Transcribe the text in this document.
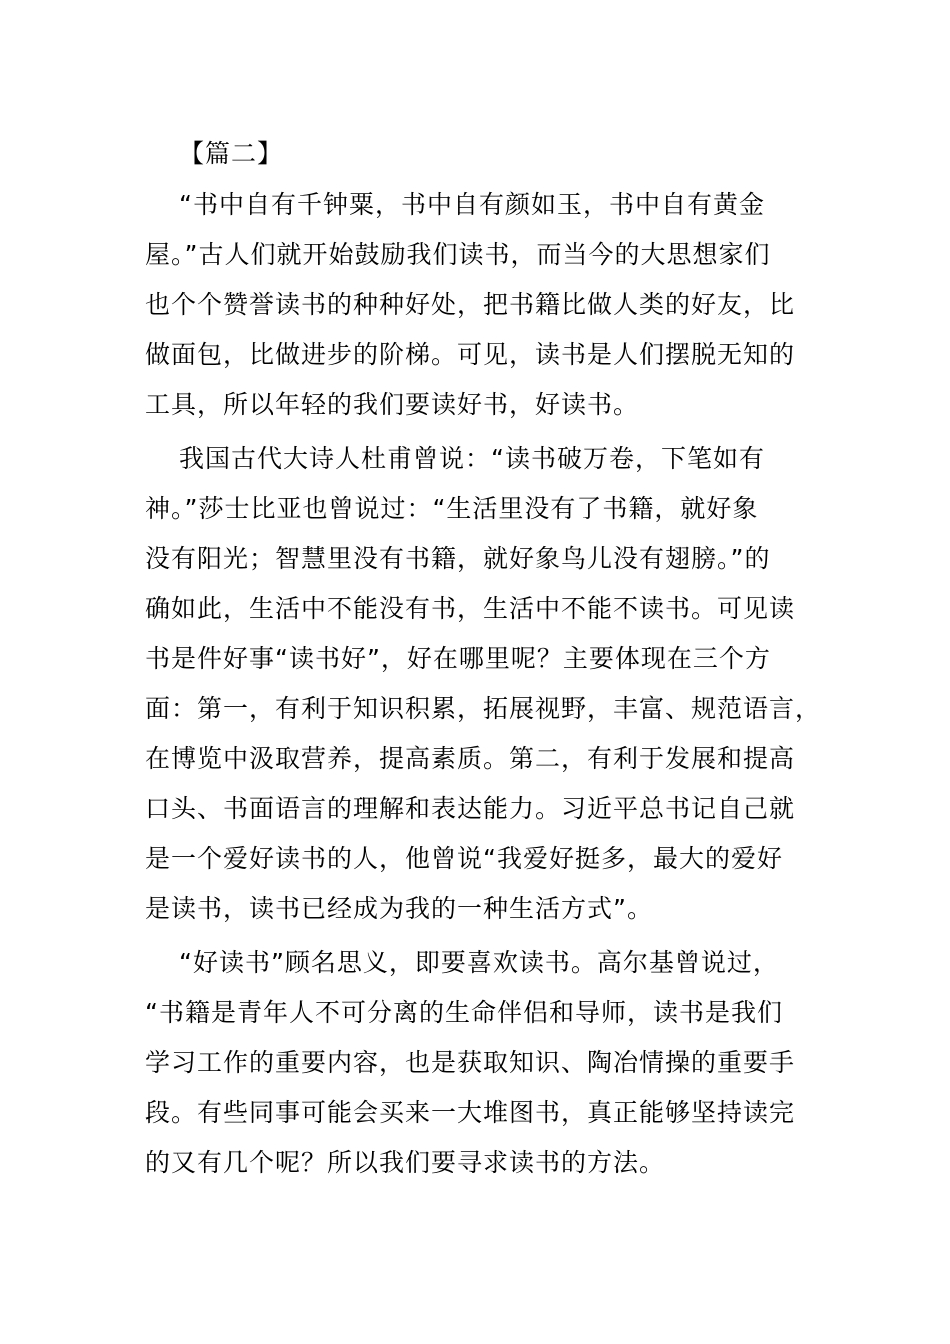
【篇二】
“书中自有千钟粟，书中自有颜如玉，书中自有黄金
屋。”古人们就开始鼓励我们读书，而当今的大思想家们
也个个赞誉读书的种种好处，把书籍比做人类的好友，比
做面包，比做进步的阶梯。可见，读书是人们摆脱无知的
工具，所以年轻的我们要读好书，好读书。
我国古代大诗人杜甫曾说：“读书破万卷，下笔如有
神。”莎士比亚也曾说过：“生活里没有了书籍，就好象
没有阳光；智慧里没有书籍，就好象鸟儿没有翅膀。”的
确如此，生活中不能没有书，生活中不能不读书。可见读
书是件好事“读书好”，好在哪里呢？主要体现在三个方
面：第一，有利于知识积累，拓展视野，丰富、规范语言，
在博览中汲取营养，提高素质。第二，有利于发展和提高
口头、书面语言的理解和表达能力。习近平总书记自己就
是一个爱好读书的人，他曾说“我爱好挺多，最大的爱好
是读书，读书已经成为我的一种生活方式”。
“好读书”顾名思义，即要喜欢读书。高尔基曾说过，
“书籍是青年人不可分离的生命伴侣和导师，读书是我们
学习工作的重要内容，也是获取知识、陶冶情操的重要手
段。有些同事可能会买来一大堆图书，真正能够坚持读完
的又有几个呢？所以我们要寻求读书的方法。
